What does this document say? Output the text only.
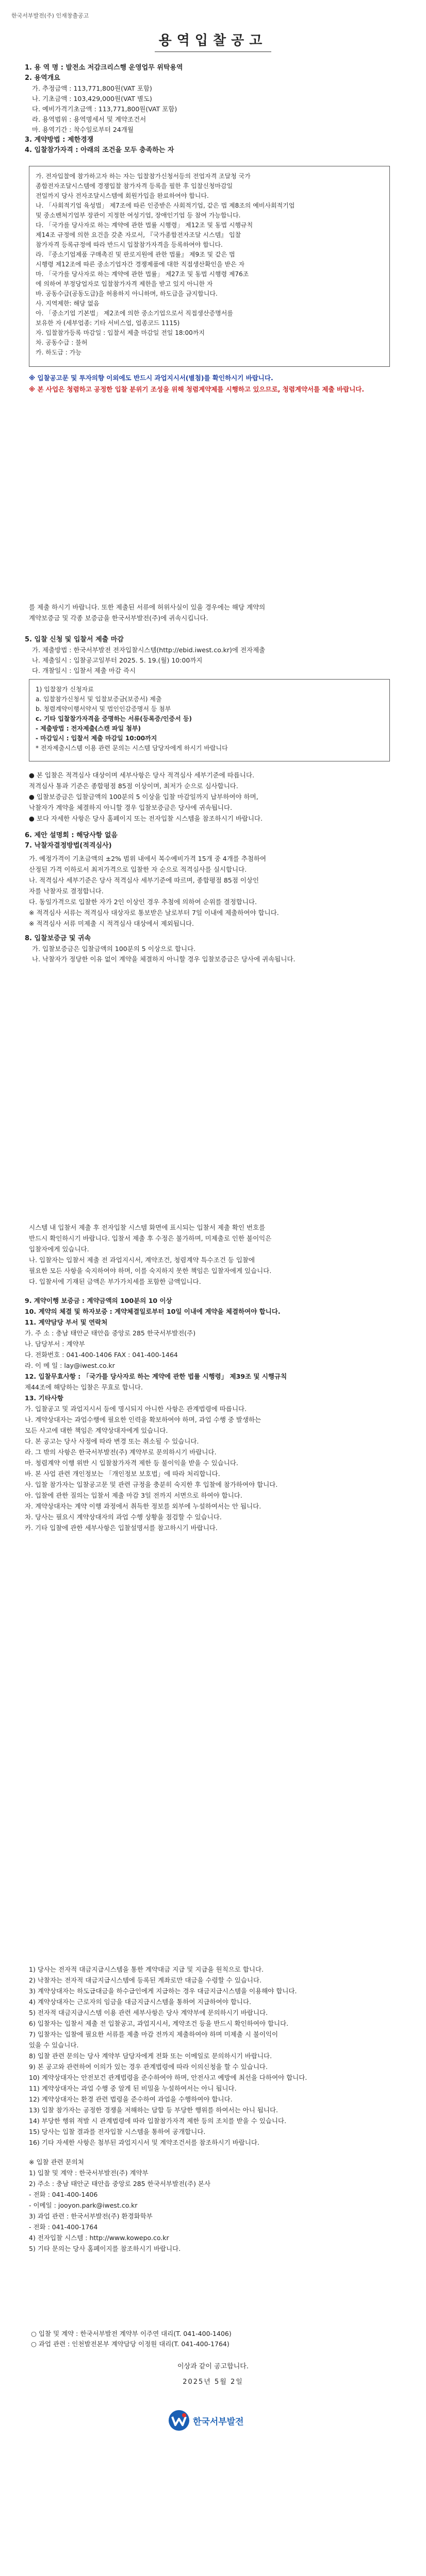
한국서부발전(주) 인재창출공고
용역입찰공고
1. 용 역 명 : 발전소 저감크리스행 운영업무 위탁용역
2. 용역개요
가. 추정금액 : 113,771,800원(VAT 포함)
나. 기초금액 : 103,429,000원(VAT 별도)
다. 예비가격기초금액 : 113,771,800원(VAT 포함)
라. 용역범위 : 용역명세서 및 계약조건서
마. 용역기간 : 착수일로부터 24개월
3. 계약방법 : 제한경쟁
4. 입찰참가자격 : 아래의 조건을 모두 충족하는 자
가. 전자입찰에 참가하고자 하는 자는 입찰참가신청서등의 전업자격 조달청 국가
종합전자조달시스템에 경쟁입찰 참가자격 등록을 필한 후 입찰신청마감일
전일까지 당사 전자조달시스템에 회원가입을 완료하여야 합니다.
나. 「사회적기업 육성법」 제7조에 따른 인증받은 사회적기업, 같은 법 제8조의 예비사회적기업
및 중소벤처기업부 장관이 지정한 여성기업, 장애인기업 등 참여 가능합니다.
다. 「국가를 당사자로 하는 계약에 관한 법률 시행령」 제12조 및 동법 시행규칙
제14조 규정에 의한 요건을 갖춘 자로서, 『국가종합전자조달 시스템』 입찰
참가자격 등록규정에 따라 반드시 입찰참가자격을 등록하여야 합니다.
라. 『중소기업제품 구매촉진 및 판로지원에 관한 법률』 제9조 및 같은 법
시행령 제12조에 따른 중소기업자간 경쟁제품에 대한 직접생산확인을 받은 자
마. 「국가를 당사자로 하는 계약에 관한 법률」 제27조 및 동법 시행령 제76조
에 의하여 부정당업자로 입찰참가자격 제한을 받고 있지 아니한 자
바. 공동수급(공동도급)을 허용하지 아니하며, 하도급을 금지합니다.
사. 지역제한: 해당 없음
아. 「중소기업 기본법」 제2조에 의한 중소기업으로서 직접생산증명서를
보유한 자 (세부업종: 기타 서비스업, 업종코드 1115)
자. 입찰참가등록 마감일 : 입찰서 제출 마감일 전일 18:00까지
차. 공동수급 : 불허
카. 하도급 : 가능
※ 입찰공고문 및 투자의향 이외에도 반드시 과업지시서(별첨)를 확인하시기 바랍니다.
※ 본 사업은 청렴하고 공정한 입찰 분위기 조성을 위해 청렴계약제를 시행하고 있으므로, 청렴계약서를 제출 바랍니다.
를 제출 하시기 바랍니다. 또한 제출된 서류에 허위사실이 있을 경우에는 해당 계약의
계약보증금 및 각종 보증금을 한국서부발전(주)에 귀속시킵니다.
5. 입찰 신청 및 입찰서 제출 마감
가. 제출방법 : 한국서부발전 전자입찰시스템(http://ebid.iwest.co.kr)에 전자제출
나. 제출일시 : 입찰공고일부터 2025. 5. 19.(월) 10:00까지
다. 개찰일시 : 입찰서 제출 마감 즉시
1) 입찰참가 신청자료
a. 입찰참가신청서 및 입찰보증금(보증서) 제출
b. 청렴계약이행서약서 및 법인인감증명서 등 첨부
c. 기타 입찰참가자격을 증명하는 서류(등록증/인증서 등)
- 제출방법 : 전자제출(스캔 파일 첨부)
- 마감일시 : 입찰서 제출 마감일 10:00까지
* 전자제출시스템 이용 관련 문의는 시스템 담당자에게 하시기 바랍니다
● 본 입찰은 적격심사 대상이며 세부사항은 당사 적격심사 세부기준에 따릅니다.
적격심사 통과 기준은 종합평점 85점 이상이며, 최저가 순으로 심사합니다.
● 입찰보증금은 입찰금액의 100분의 5 이상을 입찰 마감일까지 납부하여야 하며,
낙찰자가 계약을 체결하지 아니할 경우 입찰보증금은 당사에 귀속됩니다.
● 보다 자세한 사항은 당사 홈페이지 또는 전자입찰 시스템을 참조하시기 바랍니다.
6. 제안 설명회 : 해당사항 없음
7. 낙찰자결정방법(적격심사)
가. 예정가격이 기초금액의 ±2% 범위 내에서 복수예비가격 15개 중 4개를 추첨하여
산정된 가격 이하로서 최저가격으로 입찰한 자 순으로 적격심사를 실시합니다.
나. 적격심사 세부기준은 당사 적격심사 세부기준에 따르며, 종합평점 85점 이상인
자를 낙찰자로 결정합니다.
다. 동일가격으로 입찰한 자가 2인 이상인 경우 추첨에 의하여 순위를 결정합니다.
※ 적격심사 서류는 적격심사 대상자로 통보받은 날로부터 7일 이내에 제출하여야 합니다.
※ 적격심사 서류 미제출 시 적격심사 대상에서 제외됩니다.
8. 입찰보증금 및 귀속
가. 입찰보증금은 입찰금액의 100분의 5 이상으로 합니다.
나. 낙찰자가 정당한 이유 없이 계약을 체결하지 아니할 경우 입찰보증금은 당사에 귀속됩니다.
시스템 내 입찰서 제출 후 전자입찰 시스템 화면에 표시되는 입찰서 제출 확인 번호를
반드시 확인하시기 바랍니다. 입찰서 제출 후 수정은 불가하며, 미제출로 인한 불이익은
입찰자에게 있습니다.
나. 입찰자는 입찰서 제출 전 과업지시서, 계약조건, 청렴계약 특수조건 등 입찰에
필요한 모든 사항을 숙지하여야 하며, 이를 숙지하지 못한 책임은 입찰자에게 있습니다.
다. 입찰서에 기재된 금액은 부가가치세를 포함한 금액입니다.
9. 계약이행 보증금 : 계약금액의 100분의 10 이상
10. 계약의 체결 및 하자보증 : 계약체결일로부터 10일 이내에 계약을 체결하여야 합니다.
11. 계약담당 부서 및 연락처
가. 주 소 : 충남 태안군 태안읍 중앙로 285 한국서부발전(주)
나. 담당부서 : 계약부
다. 전화번호 : 041-400-1406 FAX : 041-400-1464
라. 이 메 일 : lay@iwest.co.kr
12. 입찰무효사항 : 「국가를 당사자로 하는 계약에 관한 법률 시행령」 제39조 및 시행규칙
제44조에 해당하는 입찰은 무효로 합니다.
13. 기타사항
가. 입찰공고 및 과업지시서 등에 명시되지 아니한 사항은 관계법령에 따릅니다.
나. 계약상대자는 과업수행에 필요한 인력을 확보하여야 하며, 과업 수행 중 발생하는
모든 사고에 대한 책임은 계약상대자에게 있습니다.
다. 본 공고는 당사 사정에 따라 변경 또는 취소될 수 있습니다.
라. 그 밖의 사항은 한국서부발전(주) 계약부로 문의하시기 바랍니다.
마. 청렴계약 이행 위반 시 입찰참가자격 제한 등 불이익을 받을 수 있습니다.
바. 본 사업 관련 개인정보는 「개인정보 보호법」에 따라 처리합니다.
사. 입찰 참가자는 입찰공고문 및 관련 규정을 충분히 숙지한 후 입찰에 참가하여야 합니다.
아. 입찰에 관한 질의는 입찰서 제출 마감 3일 전까지 서면으로 하여야 합니다.
자. 계약상대자는 계약 이행 과정에서 취득한 정보를 외부에 누설하여서는 안 됩니다.
차. 당사는 필요시 계약상대자의 과업 수행 상황을 점검할 수 있습니다.
카. 기타 입찰에 관한 세부사항은 입찰설명서를 참고하시기 바랍니다.
1) 당사는 전자적 대금지급시스템을 통한 계약대금 지급 및 지급을 원칙으로 합니다.
2) 낙찰자는 전자적 대금지급시스템에 등록된 계좌로만 대금을 수령할 수 있습니다.
3) 계약상대자는 하도급대금을 하수급인에게 지급하는 경우 대금지급시스템을 이용해야 합니다.
4) 계약상대자는 근로자의 임금을 대금지급시스템을 통하여 지급하여야 합니다.
5) 전자적 대금지급시스템 이용 관련 세부사항은 당사 계약부에 문의하시기 바랍니다.
6) 입찰자는 입찰서 제출 전 입찰공고, 과업지시서, 계약조건 등을 반드시 확인하여야 합니다.
7) 입찰자는 입찰에 필요한 서류를 제출 마감 전까지 제출하여야 하며 미제출 시 불이익이
있을 수 있습니다.
8) 입찰 관련 문의는 당사 계약부 담당자에게 전화 또는 이메일로 문의하시기 바랍니다.
9) 본 공고와 관련하여 이의가 있는 경우 관계법령에 따라 이의신청을 할 수 있습니다.
10) 계약상대자는 안전보건 관계법령을 준수하여야 하며, 안전사고 예방에 최선을 다하여야 합니다.
11) 계약상대자는 과업 수행 중 알게 된 비밀을 누설하여서는 아니 됩니다.
12) 계약상대자는 환경 관련 법령을 준수하여 과업을 수행하여야 합니다.
13) 입찰 참가자는 공정한 경쟁을 저해하는 담합 등 부당한 행위를 하여서는 아니 됩니다.
14) 부당한 행위 적발 시 관계법령에 따라 입찰참가자격 제한 등의 조치를 받을 수 있습니다.
15) 당사는 입찰 결과를 전자입찰 시스템을 통하여 공개합니다.
16) 기타 자세한 사항은 첨부된 과업지시서 및 계약조건서를 참조하시기 바랍니다.
※ 입찰 관련 문의처
1) 입찰 및 계약 : 한국서부발전(주) 계약부
2) 주소 : 충남 태안군 태안읍 중앙로 285 한국서부발전(주) 본사
- 전화 : 041-400-1406
- 이메일 : jooyon.park@iwest.co.kr
3) 과업 관련 : 한국서부발전(주) 환경화학부
- 전화 : 041-400-1764
4) 전자입찰 시스템 : http://www.kowepo.co.kr
5) 기타 문의는 당사 홈페이지를 참조하시기 바랍니다.
○ 입찰 및 계약 : 한국서부발전 계약부 이주연 대리(T. 041-400-1406)
○ 과업 관련 : 인천발전본부 계약담당 이정원 대리(T. 041-400-1764)
이상과 같이 공고합니다.
2025년 5월 2일
한국서부발전
